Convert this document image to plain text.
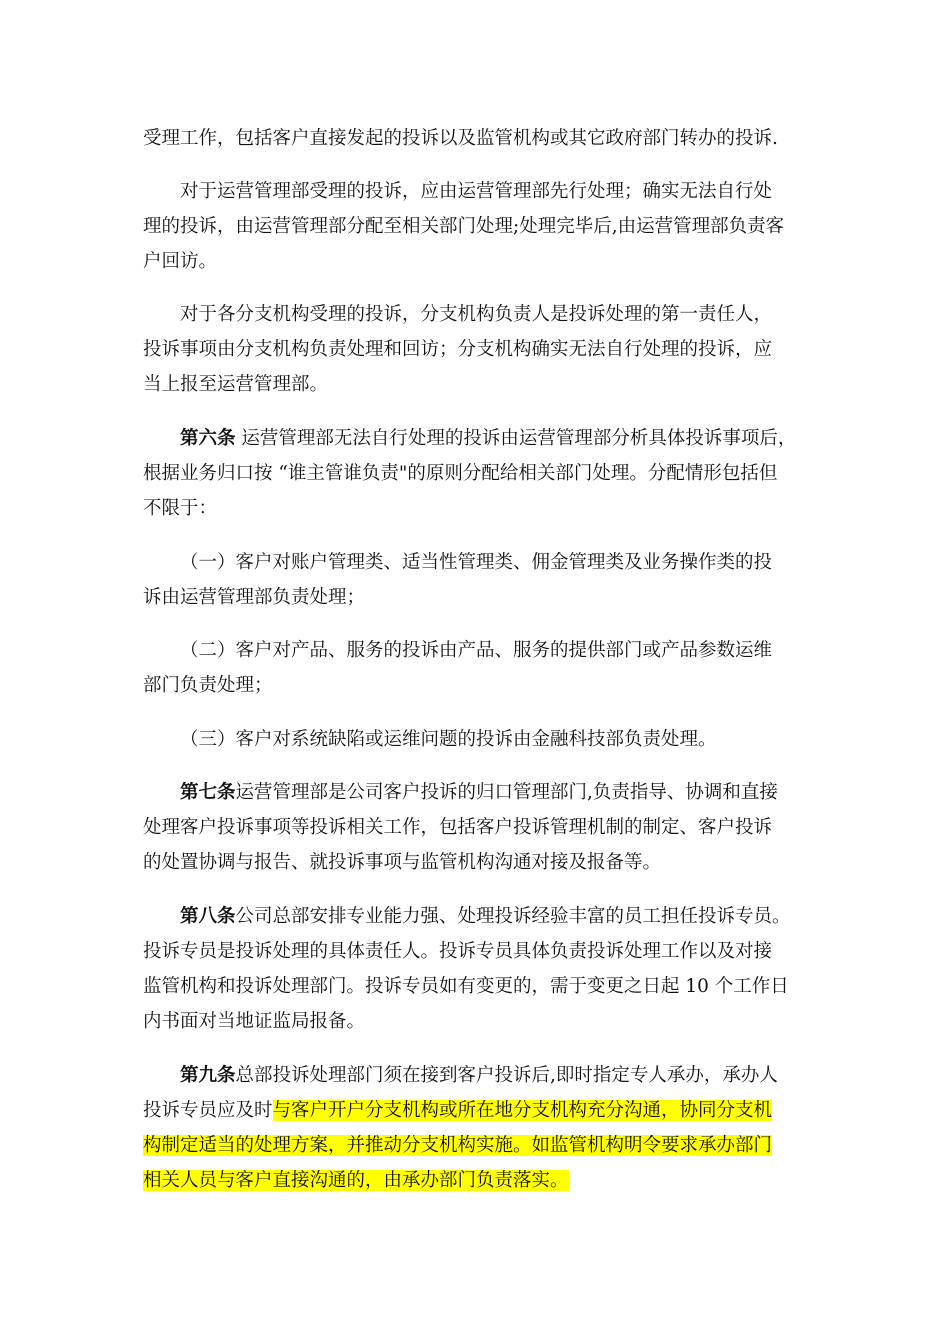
受理工作，包括客户直接发起的投诉以及监管机构或其它政府部门转办的投诉.
对于运营管理部受理的投诉，应由运营管理部先行处理；确实无法自行处
理的投诉，由运营管理部分配至相关部门处理;处理完毕后,由运营管理部负责客
户回访。
对于各分支机构受理的投诉，分支机构负责人是投诉处理的第一责任人，
投诉事项由分支机构负责处理和回访；分支机构确实无法自行处理的投诉，应
当上报至运营管理部。
第六条 运营管理部无法自行处理的投诉由运营管理部分析具体投诉事项后，
根据业务归口按 “谁主管谁负责"的原则分配给相关部门处理。分配情形包括但
不限于：
（一）客户对账户管理类、适当性管理类、佣金管理类及业务操作类的投
诉由运营管理部负责处理；
（二）客户对产品、服务的投诉由产品、服务的提供部门或产品参数运维
部门负责处理；
（三）客户对系统缺陷或运维问题的投诉由金融科技部负责处理。
第七条运营管理部是公司客户投诉的归口管理部门,负责指导、协调和直接
处理客户投诉事项等投诉相关工作，包括客户投诉管理机制的制定、客户投诉
的处置协调与报告、就投诉事项与监管机构沟通对接及报备等。
第八条公司总部安排专业能力强、处理投诉经验丰富的员工担任投诉专员。
投诉专员是投诉处理的具体责任人。投诉专员具体负责投诉处理工作以及对接
监管机构和投诉处理部门。投诉专员如有变更的，需于变更之日起 10 个工作日
内书面对当地证监局报备。
第九条总部投诉处理部门须在接到客户投诉后,即时指定专人承办，承办人
投诉专员应及时与客户开户分支机构或所在地分支机构充分沟通，协同分支机
构制定适当的处理方案，并推动分支机构实施。如监管机构明令要求承办部门
相关人员与客户直接沟通的，由承办部门负责落实。
